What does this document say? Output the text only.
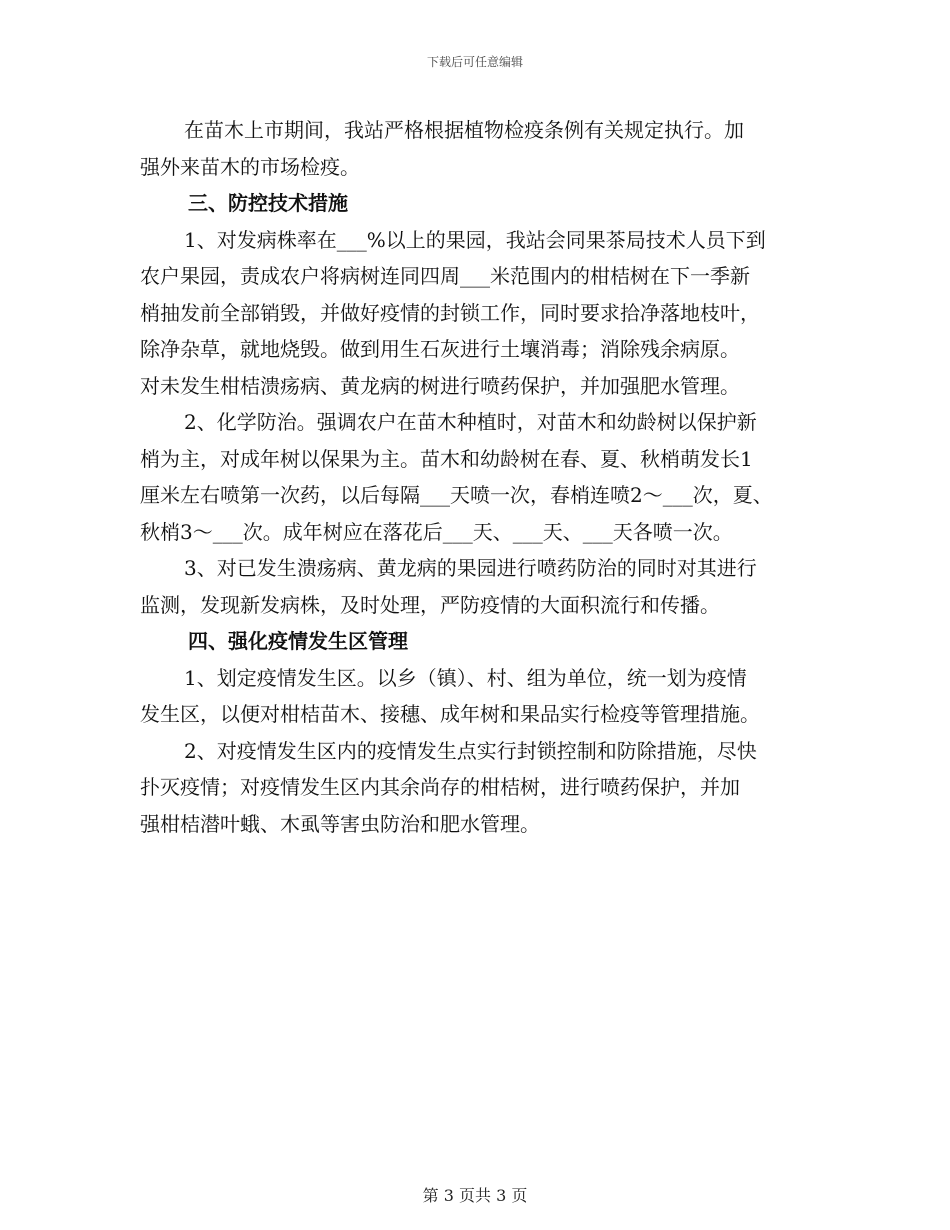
下载后可任意编辑
在苗木上市期间，我站严格根据植物检疫条例有关规定执行。加
强外来苗木的市场检疫。
三、防控技术措施
1、对发病株率在___%以上的果园，我站会同果茶局技术人员下到
农户果园，责成农户将病树连同四周___米范围内的柑桔树在下一季新
梢抽发前全部销毁，并做好疫情的封锁工作，同时要求拾净落地枝叶，
除净杂草，就地烧毁。做到用生石灰进行土壤消毒；消除残余病原。
对未发生柑桔溃疡病、黄龙病的树进行喷药保护，并加强肥水管理。
2、化学防治。强调农户在苗木种植时，对苗木和幼龄树以保护新
梢为主，对成年树以保果为主。苗木和幼龄树在春、夏、秋梢萌发长1
厘米左右喷第一次药，以后每隔___天喷一次，春梢连喷2～___次，夏、
秋梢3～___次。成年树应在落花后___天、___天、___天各喷一次。
3、对已发生溃疡病、黄龙病的果园进行喷药防治的同时对其进行
监测，发现新发病株，及时处理，严防疫情的大面积流行和传播。
四、强化疫情发生区管理
1、划定疫情发生区。以乡（镇）、村、组为单位，统一划为疫情
发生区，以便对柑桔苗木、接穗、成年树和果品实行检疫等管理措施。
2、对疫情发生区内的疫情发生点实行封锁控制和防除措施，尽快
扑灭疫情；对疫情发生区内其余尚存的柑桔树，进行喷药保护，并加
强柑桔潜叶蛾、木虱等害虫防治和肥水管理。
第 3 页共 3 页
